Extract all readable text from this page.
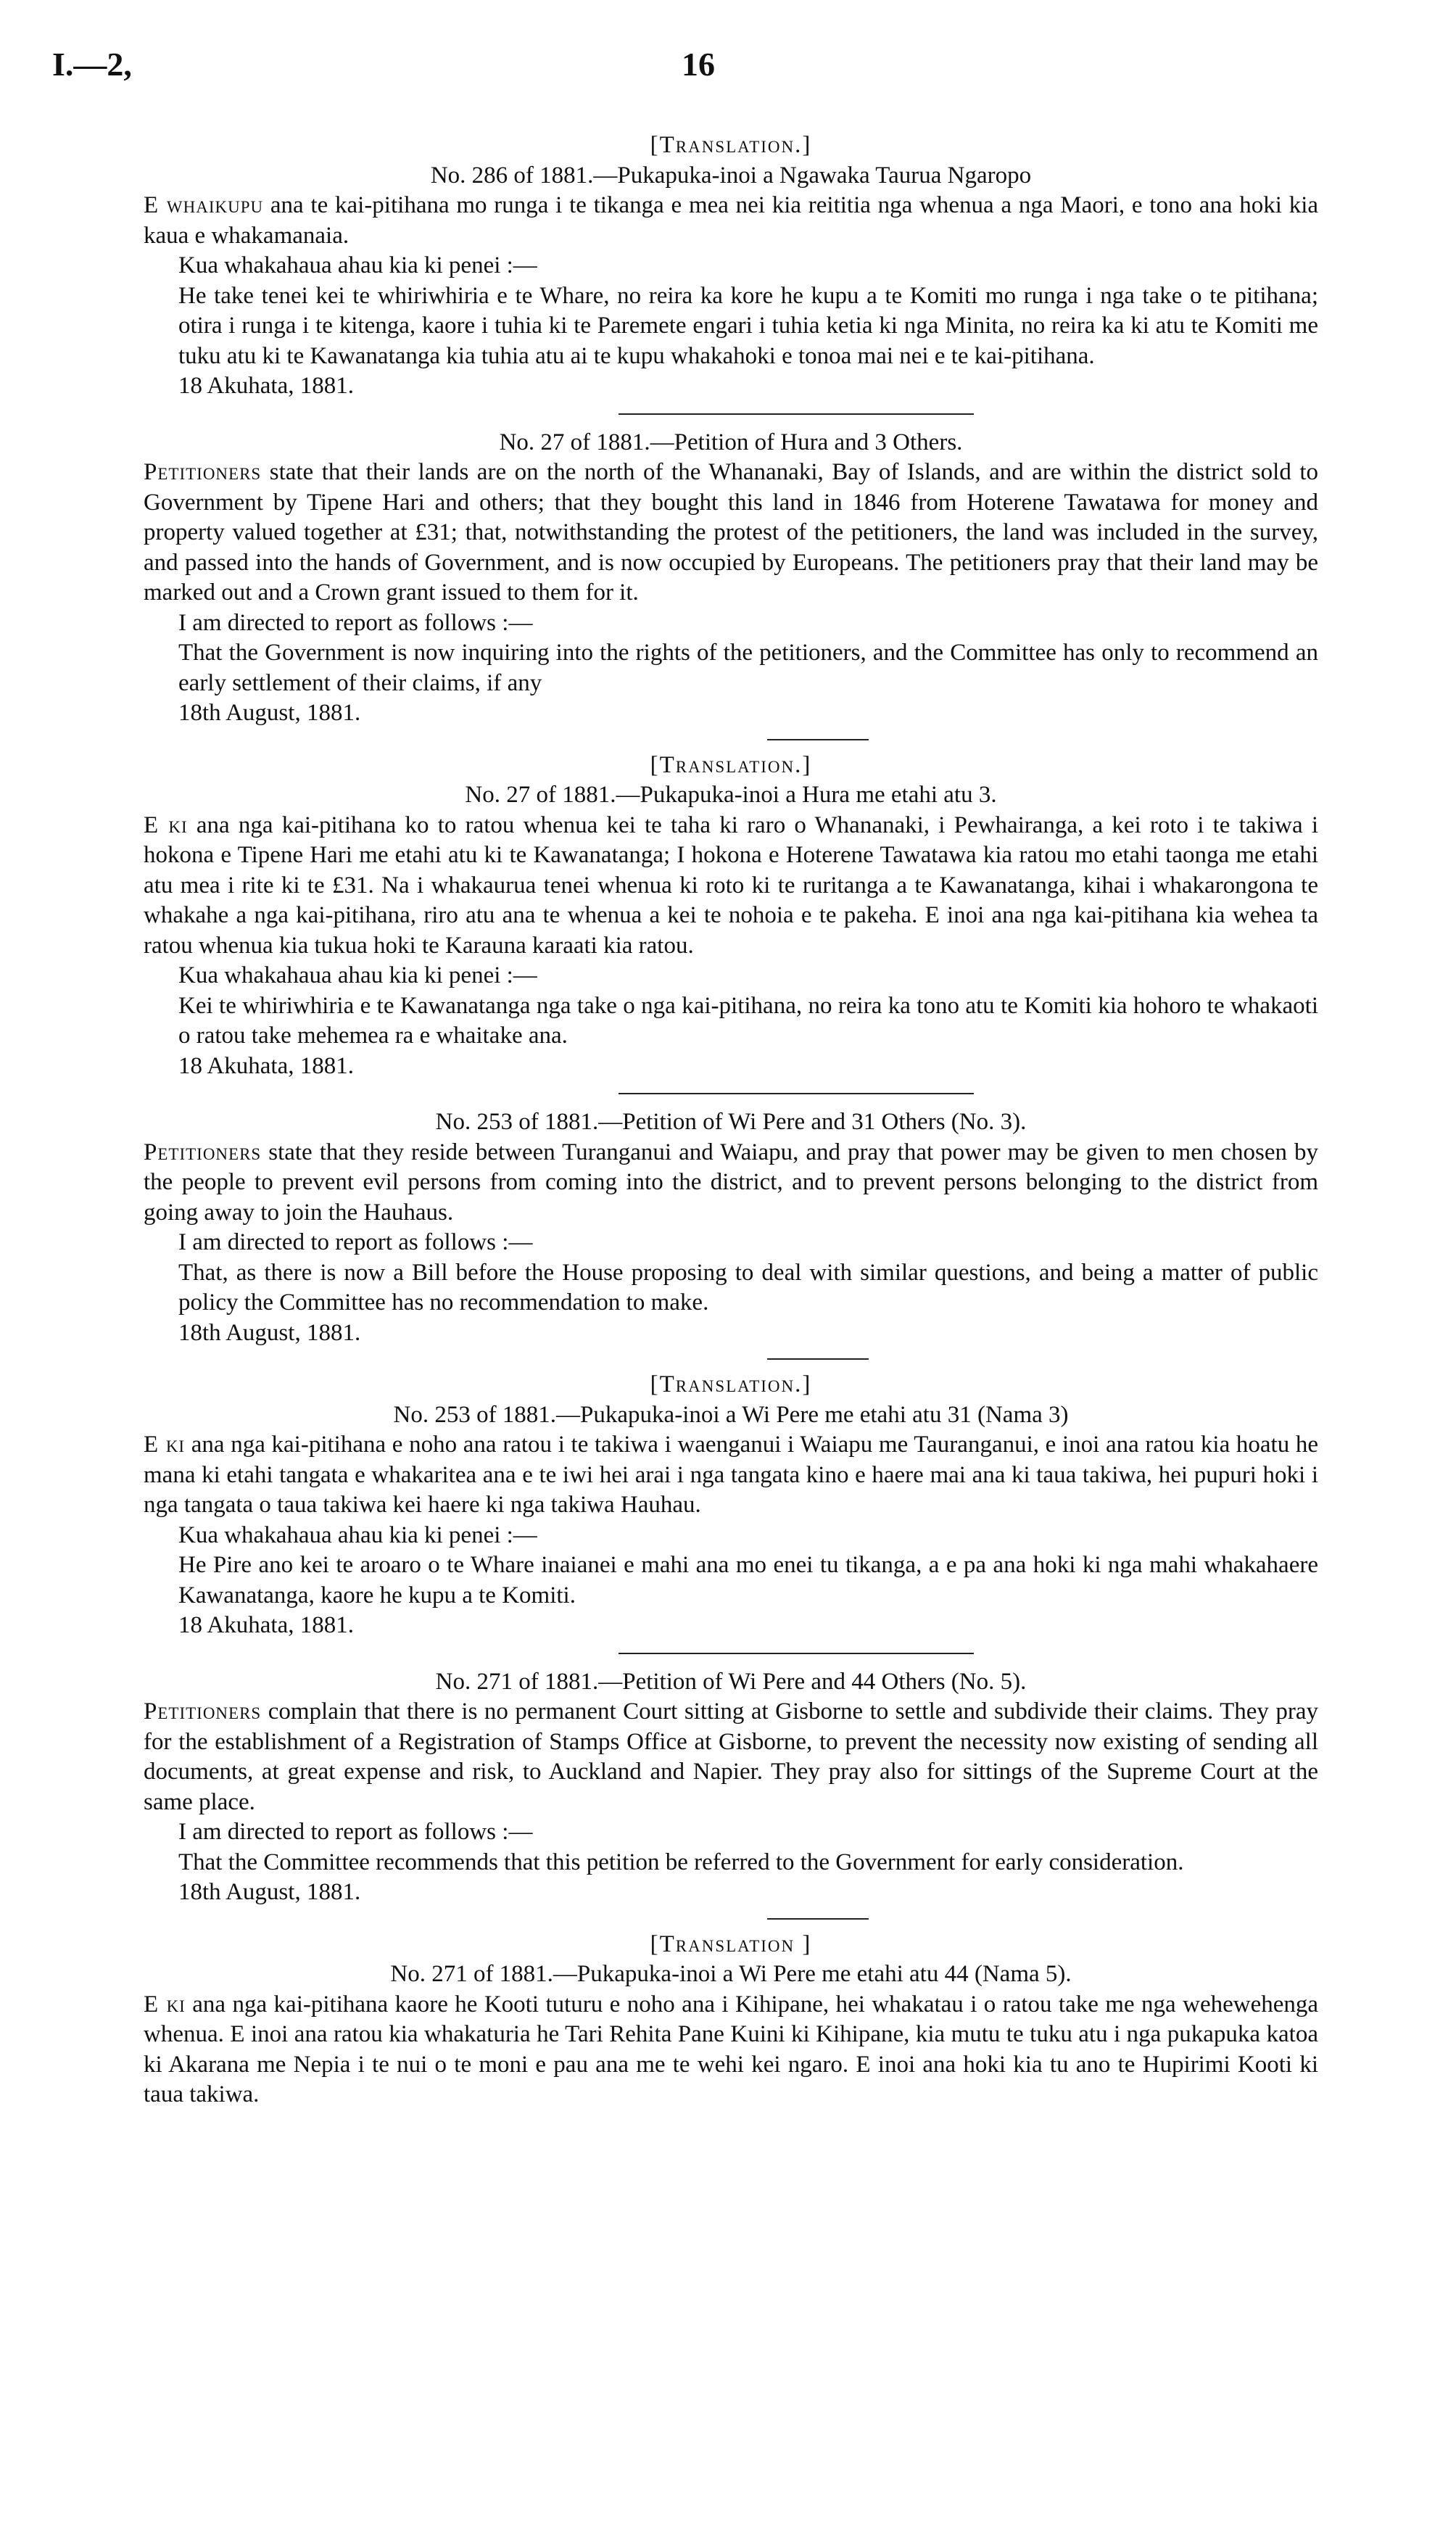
I.—2,	16

[Translation.]

No. 286 of 1881.—Pukapuka-inoi a Ngawaka Taurua Ngaropo

E whaikupu ana te kai-pitihana mo runga i te tikanga e mea nei kia reititia nga whenua a nga Maori, e tono ana hoki kia kaua e whakamanaia.

Kua whakahaua ahau kia ki penei :—

He take tenei kei te whiriwhiria e te Whare, no reira ka kore he kupu a te Komiti mo runga i nga take o te pitihana; otira i runga i te kitenga, kaore i tuhia ki te Paremete engari i tuhia ketia ki nga Minita, no reira ka ki atu te Komiti me tuku atu ki te Kawanatanga kia tuhia atu ai te kupu whakahoki e tonoa mai nei e te kai-pitihana.

18 Akuhata, 1881.

No. 27 of 1881.—Petition of Hura and 3 Others.

Petitioners state that their lands are on the north of the Whananaki, Bay of Islands, and are within the district sold to Government by Tipene Hari and others; that they bought this land in 1846 from Hoterene Tawatawa for money and property valued together at £31; that, notwithstanding the protest of the petitioners, the land was included in the survey, and passed into the hands of Government, and is now occupied by Europeans. The petitioners pray that their land may be marked out and a Crown grant issued to them for it.

I am directed to report as follows :—

That the Government is now inquiring into the rights of the petitioners, and the Committee has only to recommend an early settlement of their claims, if any

18th August, 1881.

[Translation.]

No. 27 of 1881.—Pukapuka-inoi a Hura me etahi atu 3.

E ki ana nga kai-pitihana ko to ratou whenua kei te taha ki raro o Whananaki, i Pewhairanga, a kei roto i te takiwa i hokona e Tipene Hari me etahi atu ki te Kawanatanga; I hokona e Hoterene Tawatawa kia ratou mo etahi taonga me etahi atu mea i rite ki te £31. Na i whakaurua tenei whenua ki roto ki te ruritanga a te Kawanatanga, kihai i whakarongona te whakahe a nga kai-pitihana, riro atu ana te whenua a kei te nohoia e te pakeha. E inoi ana nga kai-pitihana kia wehea ta ratou whenua kia tukua hoki te Karauna karaati kia ratou.

Kua whakahaua ahau kia ki penei :—

Kei te whiriwhiria e te Kawanatanga nga take o nga kai-pitihana, no reira ka tono atu te Komiti kia hohoro te whakaoti o ratou take mehemea ra e whaitake ana.

18 Akuhata, 1881.

No. 253 of 1881.—Petition of Wi Pere and 31 Others (No. 3).

Petitioners state that they reside between Turanganui and Waiapu, and pray that power may be given to men chosen by the people to prevent evil persons from coming into the district, and to prevent persons belonging to the district from going away to join the Hauhaus.

I am directed to report as follows :—

That, as there is now a Bill before the House proposing to deal with similar questions, and being a matter of public policy the Committee has no recommendation to make.

18th August, 1881.

[Translation.]

No. 253 of 1881.—Pukapuka-inoi a Wi Pere me etahi atu 31 (Nama 3)

E ki ana nga kai-pitihana e noho ana ratou i te takiwa i waenganui i Waiapu me Tauranganui, e inoi ana ratou kia hoatu he mana ki etahi tangata e whakaritea ana e te iwi hei arai i nga tangata kino e haere mai ana ki taua takiwa, hei pupuri hoki i nga tangata o taua takiwa kei haere ki nga takiwa Hauhau.

Kua whakahaua ahau kia ki penei :—

He Pire ano kei te aroaro o te Whare inaianei e mahi ana mo enei tu tikanga, a e pa ana hoki ki nga mahi whakahaere Kawanatanga, kaore he kupu a te Komiti.

18 Akuhata, 1881.

No. 271 of 1881.—Petition of Wi Pere and 44 Others (No. 5).

Petitioners complain that there is no permanent Court sitting at Gisborne to settle and subdivide their claims. They pray for the establishment of a Registration of Stamps Office at Gisborne, to prevent the necessity now existing of sending all documents, at great expense and risk, to Auckland and Napier. They pray also for sittings of the Supreme Court at the same place.

I am directed to report as follows :—

That the Committee recommends that this petition be referred to the Government for early consideration.

18th August, 1881.

[Translation ]

No. 271 of 1881.—Pukapuka-inoi a Wi Pere me etahi atu 44 (Nama 5).

E ki ana nga kai-pitihana kaore he Kooti tuturu e noho ana i Kihipane, hei whakatau i o ratou take me nga wehewehenga whenua. E inoi ana ratou kia whakaturia he Tari Rehita Pane Kuini ki Kihipane, kia mutu te tuku atu i nga pukapuka katoa ki Akarana me Nepia i te nui o te moni e pau ana me te wehi kei ngaro. E inoi ana hoki kia tu ano te Hupirimi Kooti ki taua takiwa.
